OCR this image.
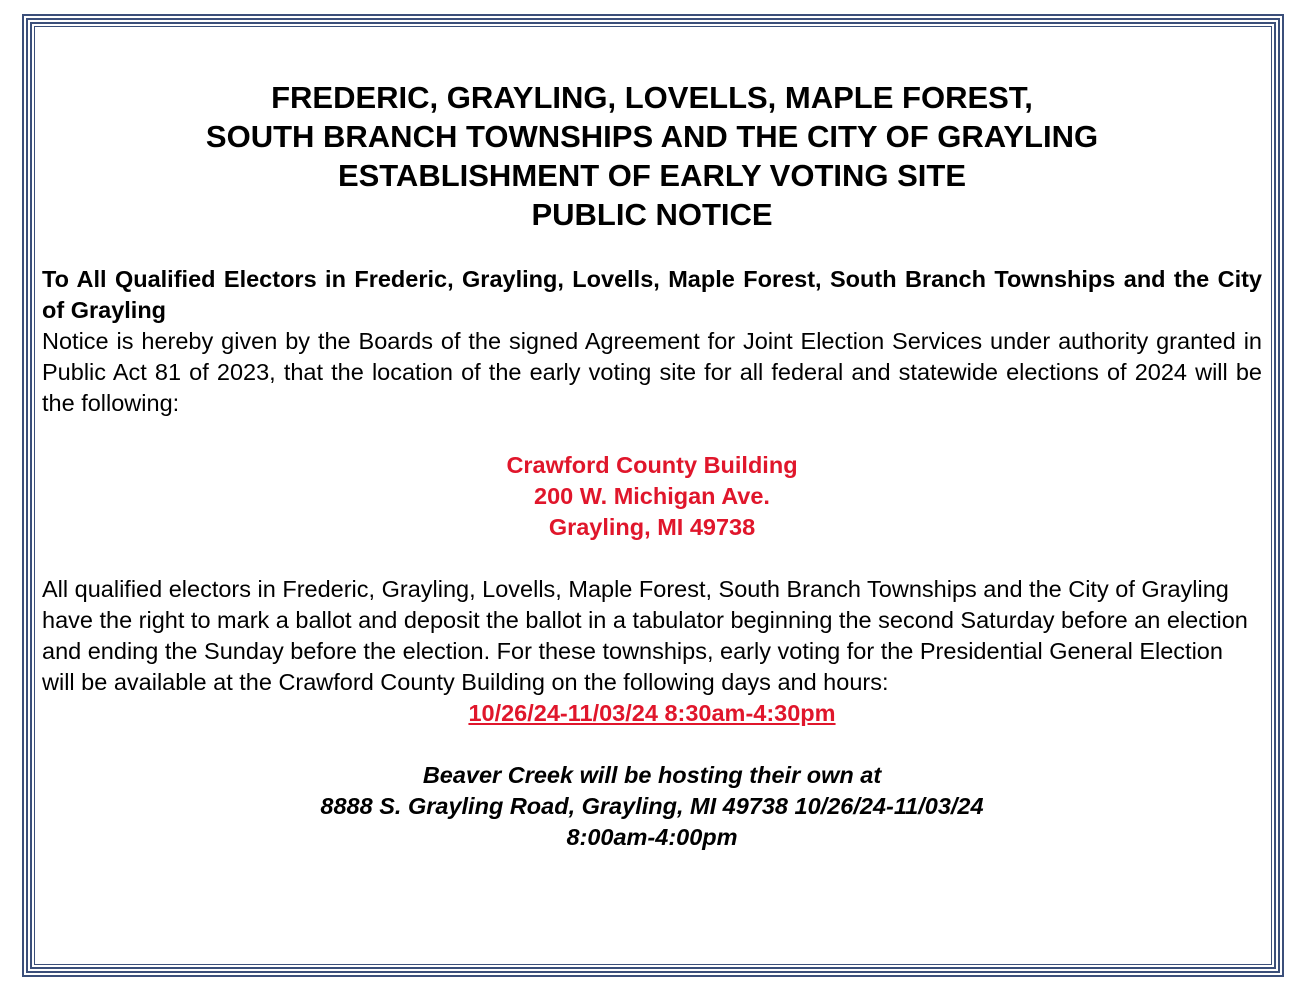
FREDERIC, GRAYLING, LOVELLS, MAPLE FOREST,
SOUTH BRANCH TOWNSHIPS AND THE CITY OF GRAYLING
ESTABLISHMENT OF EARLY VOTING SITE
PUBLIC NOTICE
To All Qualified Electors in Frederic, Grayling, Lovells, Maple Forest, South Branch Townships and the City of Grayling
Notice is hereby given by the Boards of the signed Agreement for Joint Election Services under authority granted in Public Act 81 of 2023, that the location of the early voting site for all federal and statewide elections of 2024 will be the following:
Crawford County Building
200 W. Michigan Ave.
Grayling, MI 49738
All qualified electors in Frederic, Grayling, Lovells, Maple Forest, South Branch Townships and the City of Grayling have the right to mark a ballot and deposit the ballot in a tabulator beginning the second Saturday before an election and ending the Sunday before the election. For these townships, early voting for the Presidential General Election will be available at the Crawford County Building on the following days and hours:
10/26/24-11/03/24 8:30am-4:30pm
Beaver Creek will be hosting their own at
8888 S. Grayling Road, Grayling, MI 49738 10/26/24-11/03/24
8:00am-4:00pm
